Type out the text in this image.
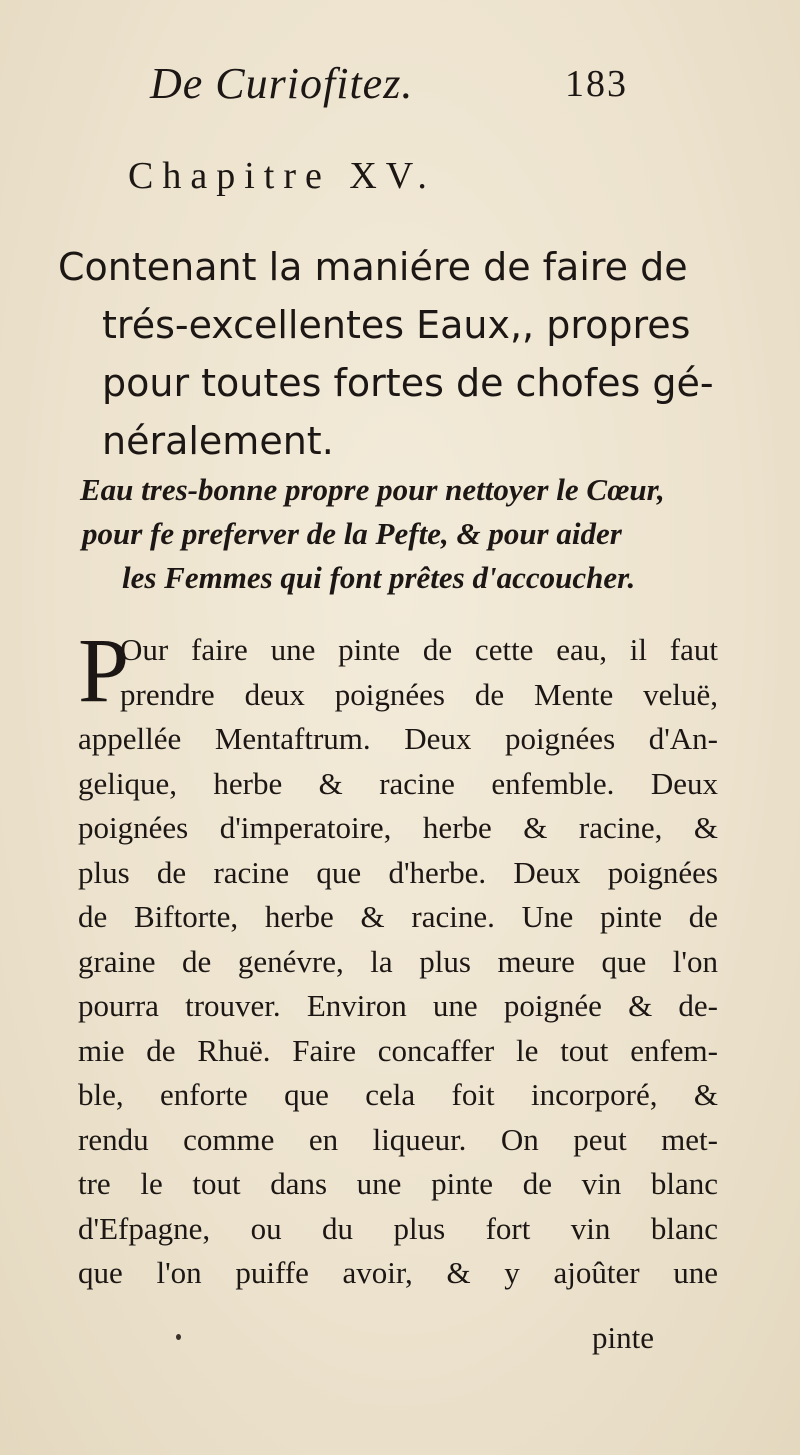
De Curiofitez.	183
Chapitre XV.
Contenant la maniére de faire de
trés-excellentes Eaux,, propres
pour toutes fortes de chofes gé-
néralement.
Eau tres-bonne propre pour nettoyer le Cœur,
pour fe preferver de la Pefte, & pour aider
les Femmes qui font prêtes d'accoucher.
P
Our faire une pinte de cette eau, il faut
prendre deux poignées de Mente veluë,
appellée Mentaftrum. Deux poignées d'An-
gelique, herbe & racine enfemble. Deux
poignées d'imperatoire, herbe & racine, &
plus de racine que d'herbe. Deux poignées
de Biftorte, herbe & racine. Une pinte de
graine de genévre, la plus meure que l'on
pourra trouver. Environ une poignée & de-
mie de Rhuë. Faire concaffer le tout enfem-
ble, enforte que cela foit incorporé, &
rendu comme en liqueur. On peut met-
tre le tout dans une pinte de vin blanc
d'Efpagne, ou du plus fort vin blanc
que l'on puiffe avoir, & y ajoûter une
pinte
